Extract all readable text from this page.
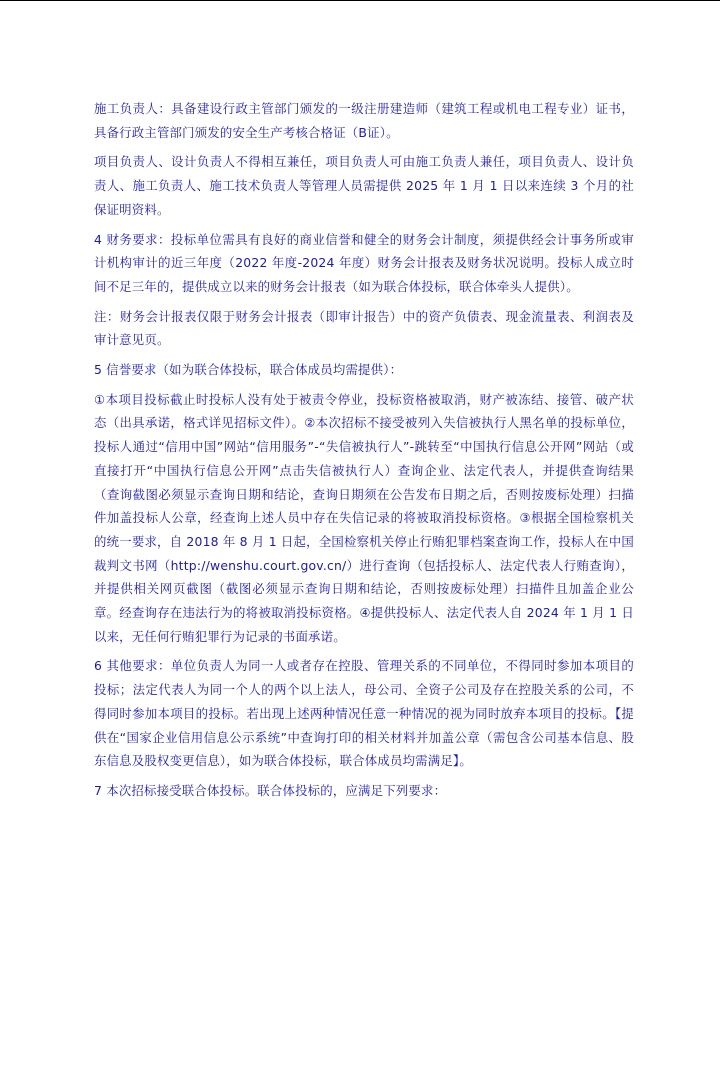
施工负责人：具备建设行政主管部门颁发的一级注册建造师（建筑工程或机电工程专业）证书，具备行政主管部门颁发的安全生产考核合格证（B证）。

项目负责人、设计负责人不得相互兼任，项目负责人可由施工负责人兼任，项目负责人、设计负责人、施工负责人、施工技术负责人等管理人员需提供 2025 年 1 月 1 日以来连续 3 个月的社保证明资料。

4 财务要求：投标单位需具有良好的商业信誉和健全的财务会计制度，须提供经会计事务所或审计机构审计的近三年度（2022 年度-2024 年度）财务会计报表及财务状况说明。投标人成立时间不足三年的，提供成立以来的财务会计报表（如为联合体投标，联合体牵头人提供）。

注：财务会计报表仅限于财务会计报表（即审计报告）中的资产负债表、现金流量表、利润表及审计意见页。

5 信誉要求（如为联合体投标，联合体成员均需提供）：

①本项目投标截止时投标人没有处于被责令停业，投标资格被取消，财产被冻结、接管、破产状态（出具承诺，格式详见招标文件）。②本次招标不接受被列入失信被执行人黑名单的投标单位，投标人通过“信用中国”网站“信用服务”-“失信被执行人”-跳转至“中国执行信息公开网”网站（或直接打开“中国执行信息公开网”点击失信被执行人）查询企业、法定代表人，并提供查询结果（查询截图必须显示查询日期和结论，查询日期须在公告发布日期之后，否则按废标处理）扫描件加盖投标人公章，经查询上述人员中存在失信记录的将被取消投标资格。③根据全国检察机关的统一要求，自 2018 年 8 月 1 日起，全国检察机关停止行贿犯罪档案查询工作，投标人在中国裁判文书网（http://wenshu.court.gov.cn/）进行查询（包括投标人、法定代表人行贿查询），并提供相关网页截图（截图必须显示查询日期和结论，否则按废标处理）扫描件且加盖企业公章。经查询存在违法行为的将被取消投标资格。④提供投标人、法定代表人自 2024 年 1 月 1 日以来，无任何行贿犯罪行为记录的书面承诺。

6 其他要求：单位负责人为同一人或者存在控股、管理关系的不同单位，不得同时参加本项目的投标；法定代表人为同一个人的两个以上法人，母公司、全资子公司及存在控股关系的公司，不得同时参加本项目的投标。若出现上述两种情况任意一种情况的视为同时放弃本项目的投标。【提供在“国家企业信用信息公示系统”中查询打印的相关材料并加盖公章（需包含公司基本信息、股东信息及股权变更信息），如为联合体投标，联合体成员均需满足】。

7 本次招标接受联合体投标。联合体投标的，应满足下列要求：
